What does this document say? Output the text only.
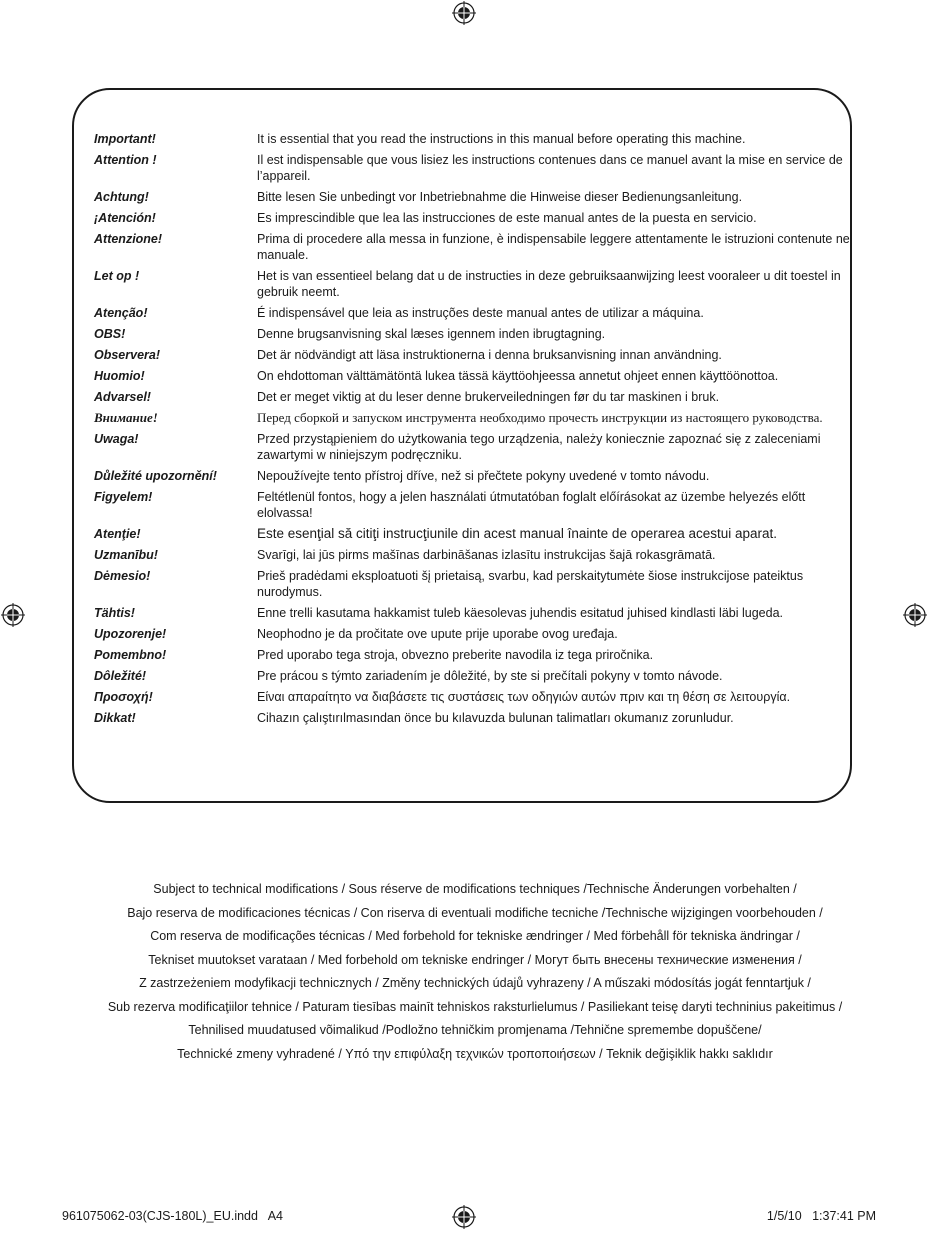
Important!	It is essential that you read the instructions in this manual before operating this machine.
Attention !	Il est indispensable que vous lisiez les instructions contenues dans ce manuel avant la mise en service de l’appareil.
Achtung!	Bitte lesen Sie unbedingt vor Inbetriebnahme die Hinweise dieser Bedienungsanleitung.
¡Atención!	Es imprescindible que lea las instrucciones de este manual antes de la puesta en servicio.
Attenzione!	Prima di procedere alla messa in funzione, è indispensabile leggere attentamente le istruzioni contenute nel manuale.
Let op !	Het is van essentieel belang dat u de instructies in deze gebruiksaanwijzing leest vooraleer u dit toestel in gebruik neemt.
Atenção!	É indispensável que leia as instruções deste manual antes de utilizar a máquina.
OBS!	Denne brugsanvisning skal læses igennem inden ibrugtagning.
Observera!	Det är nödvändigt att läsa instruktionerna i denna bruksanvisning innan användning.
Huomio!	On ehdottoman välttämätöntä lukea tässä käyttöohjeessa annetut ohjeet ennen käyttöönottoa.
Advarsel!	Det er meget viktig at du leser denne brukerveiledningen før du tar maskinen i bruk.
Внимание!	Перед сборкой и запуском инструмента необходимо прочесть инструкции из настоящего руководства.
Uwaga!	Przed przystąpieniem do użytkowania tego urządzenia, należy koniecznie zapoznać się z zaleceniami zawartymi w niniejszym podręczniku.
Důležité upozornění!	Nepoužívejte tento přístroj dříve, než si přečtete pokyny uvedené v tomto návodu.
Figyelem!	Feltétlenül fontos, hogy a jelen használati útmutatóban foglalt előírásokat az üzembe helyezés előtt elolvassa!
Atenţie!	Este esenţial să citiţi instrucţiunile din acest manual înainte de operarea acestui aparat.
Uzmanību!	Svarīgi, lai jūs pirms mašīnas darbināšanas izlasītu instrukcijas šajā rokasgrāmatā.
Dėmesio!	Prieš pradėdami eksploatuoti šį prietaisą, svarbu, kad perskaitytumėte šiose instrukcijose pateiktus nurodymus.
Tähtis!	Enne trelli kasutama hakkamist tuleb käesolevas juhendis esitatud juhised kindlasti läbi lugeda.
Upozorenje!	Neophodno je da pročitate ove upute prije uporabe ovog uređaja.
Pomembno!	Pred uporabo tega stroja, obvezno preberite navodila iz tega priročnika.
Dôležité!	Pre prácou s týmto zariadením je dôležité, by ste si prečítali pokyny v tomto návode.
Προσοχή!	Είναι απαραίτητο να διαβάσετε τις συστάσεις των οδηγιών αυτών πριν και τη θέση σε λειτουργία.
Dikkat!	Cihazın çalıştırılmasından önce bu kılavuzda bulunan talimatları okumanız zorunludur.
Subject to technical modifications / Sous réserve de modifications techniques /Technische Änderungen vorbehalten /
Bajo reserva de modificaciones técnicas / Con riserva di eventuali modifiche tecniche /Technische wijzigingen voorbehouden /
Com reserva de modificações técnicas / Med forbehold for tekniske ændringer / Med förbehåll för tekniska ändringar /
Tekniset muutokset varataan / Med forbehold om tekniske endringer / Могут быть внесены технические изменения /
Z zastrzeżeniem modyfikacji technicznych / Změny technických údajů vyhrazeny / A műszaki módosítás jogát fenntartjuk /
Sub rezerva modificaţiilor tehnice / Paturam tiesības mainīt tehniskos raksturlielumus / Pasiliekant teisę daryti techninius pakeitimus /
Tehnilised muudatused võimalikud /Podložno tehničkim promjenama /Tehnične spremembe dopuščene/
Technické zmeny vyhradené / Υπό την επιφύλαξη τεχνικών τροποποιήσεων / Teknik değişiklik hakkı saklıdır
961075062-03(CJS-180L)_EU.indd   A4	1/5/10   1:37:41 PM
